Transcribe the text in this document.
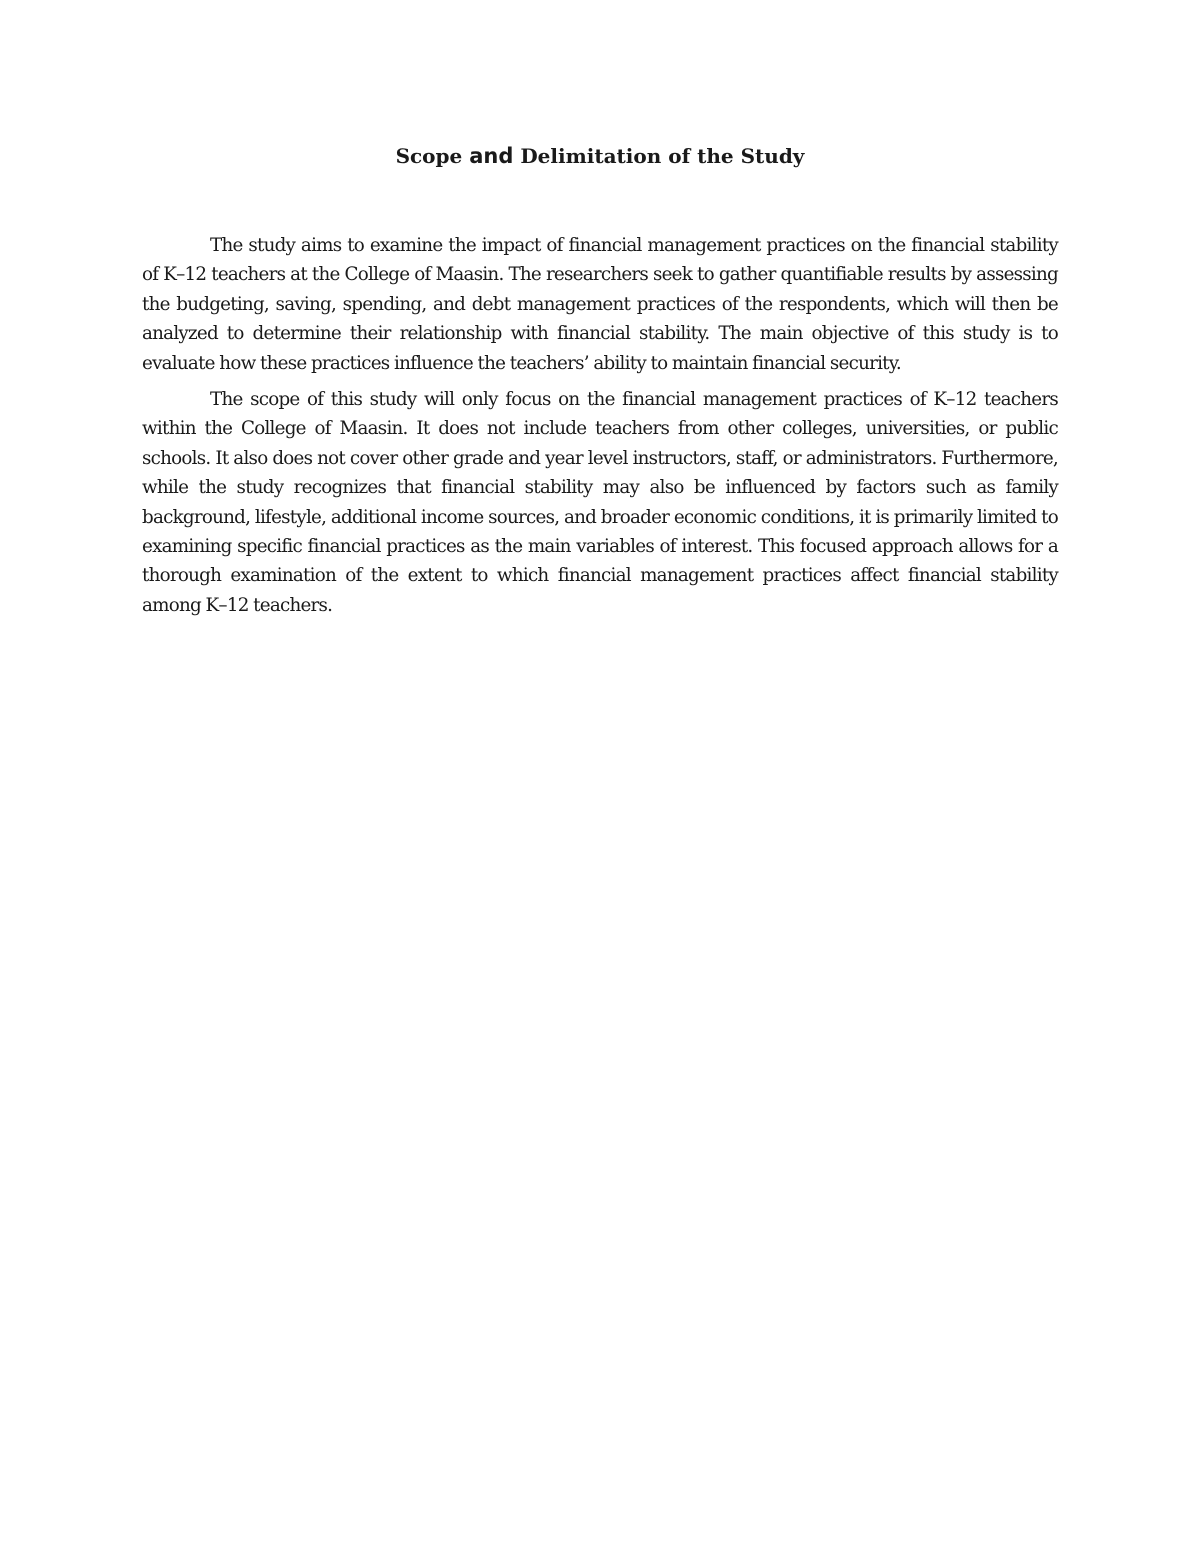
Scope and Delimitation of the Study

The study aims to examine the impact of financial management practices on the financial stability of K–12 teachers at the College of Maasin. The researchers seek to gather quantifiable results by assessing the budgeting, saving, spending, and debt management practices of the respondents, which will then be analyzed to determine their relationship with financial stability. The main objective of this study is to evaluate how these practices influence the teachers’ ability to maintain financial security.

The scope of this study will only focus on the financial management practices of K–12 teachers within the College of Maasin. It does not include teachers from other colleges, universities, or public schools. It also does not cover other grade and year level instructors, staff, or administrators. Furthermore, while the study recognizes that financial stability may also be influenced by factors such as family background, lifestyle, additional income sources, and broader economic conditions, it is primarily limited to examining specific financial practices as the main variables of interest. This focused approach allows for a thorough examination of the extent to which financial management practices affect financial stability among K–12 teachers.
